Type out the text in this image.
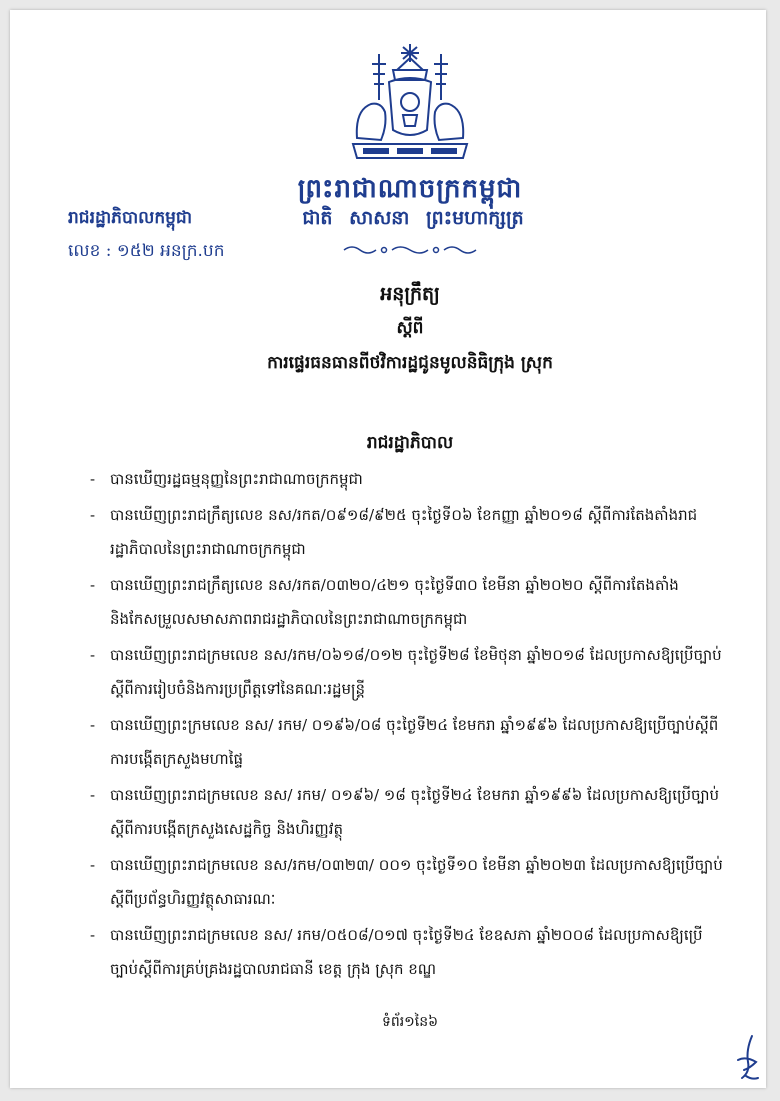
ព្រះរាជាណាចក្រកម្ពុជា
រាជរដ្ឋាភិបាលកម្ពុជា	ជាតិ សាសនា ព្រះមហាក្សត្រ
លេខ : ១៥២ អនក្រ.បក
អនុក្រឹត្យ
ស្ដីពី
ការផ្ទេរធនធានពីថវិការដ្ឋជូនមូលនិធិក្រុង ស្រុក
រាជរដ្ឋាភិបាល
- បានឃើញរដ្ឋធម្មនុញ្ញនៃព្រះរាជាណាចក្រកម្ពុជា
- បានឃើញព្រះរាជក្រឹត្យលេខ នស/រកត/០៩១៨/៩២៥ ចុះថ្ងៃទី០៦ ខែកញ្ញា ឆ្នាំ២០១៨ ស្ដីពីការតែងតាំងរាជរដ្ឋាភិបាលនៃព្រះរាជាណាចក្រកម្ពុជា
- បានឃើញព្រះរាជក្រឹត្យលេខ នស/រកត/០៣២០/៤២១ ចុះថ្ងៃទី៣០ ខែមីនា ឆ្នាំ២០២០ ស្ដីពីការតែងតាំង និងកែសម្រួលសមាសភាពរាជរដ្ឋាភិបាលនៃព្រះរាជាណាចក្រកម្ពុជា
- បានឃើញព្រះរាជក្រមលេខ នស/រកម/០៦១៨/០១២ ចុះថ្ងៃទី២៨ ខែមិថុនា ឆ្នាំ២០១៨ ដែលប្រកាសឱ្យប្រើច្បាប់ស្ដីពីការរៀបចំនិងការប្រព្រឹត្តទៅនៃគណៈរដ្ឋមន្ត្រី
- បានឃើញព្រះក្រមលេខ នស/ រកម/ ០១៩៦/០៨ ចុះថ្ងៃទី២៤ ខែមករា ឆ្នាំ១៩៩៦ ដែលប្រកាសឱ្យប្រើច្បាប់ស្ដីពីការបង្កើតក្រសួងមហាផ្ទៃ
- បានឃើញព្រះរាជក្រមលេខ នស/ រកម/ ០១៩៦/ ១៨ ចុះថ្ងៃទី២៤ ខែមករា ឆ្នាំ១៩៩៦ ដែលប្រកាសឱ្យប្រើច្បាប់ស្ដីពីការបង្កើតក្រសួងសេដ្ឋកិច្ច និងហិរញ្ញវត្ថុ
- បានឃើញព្រះរាជក្រមលេខ នស/រកម/០៣២៣/ ០០១ ចុះថ្ងៃទី១០ ខែមីនា ឆ្នាំ២០២៣ ដែលប្រកាសឱ្យប្រើច្បាប់ស្ដីពីប្រព័ន្ធហិរញ្ញវត្ថុសាធារណៈ
- បានឃើញព្រះរាជក្រមលេខ នស/ រកម/០៥០៨/០១៧ ចុះថ្ងៃទី២៤ ខែឧសភា ឆ្នាំ២០០៨ ដែលប្រកាសឱ្យប្រើច្បាប់ស្ដីពីការគ្រប់គ្រងរដ្ឋបាលរាជធានី ខេត្ត ក្រុង ស្រុក ខណ្ឌ
ទំព័រ១នៃ៦
